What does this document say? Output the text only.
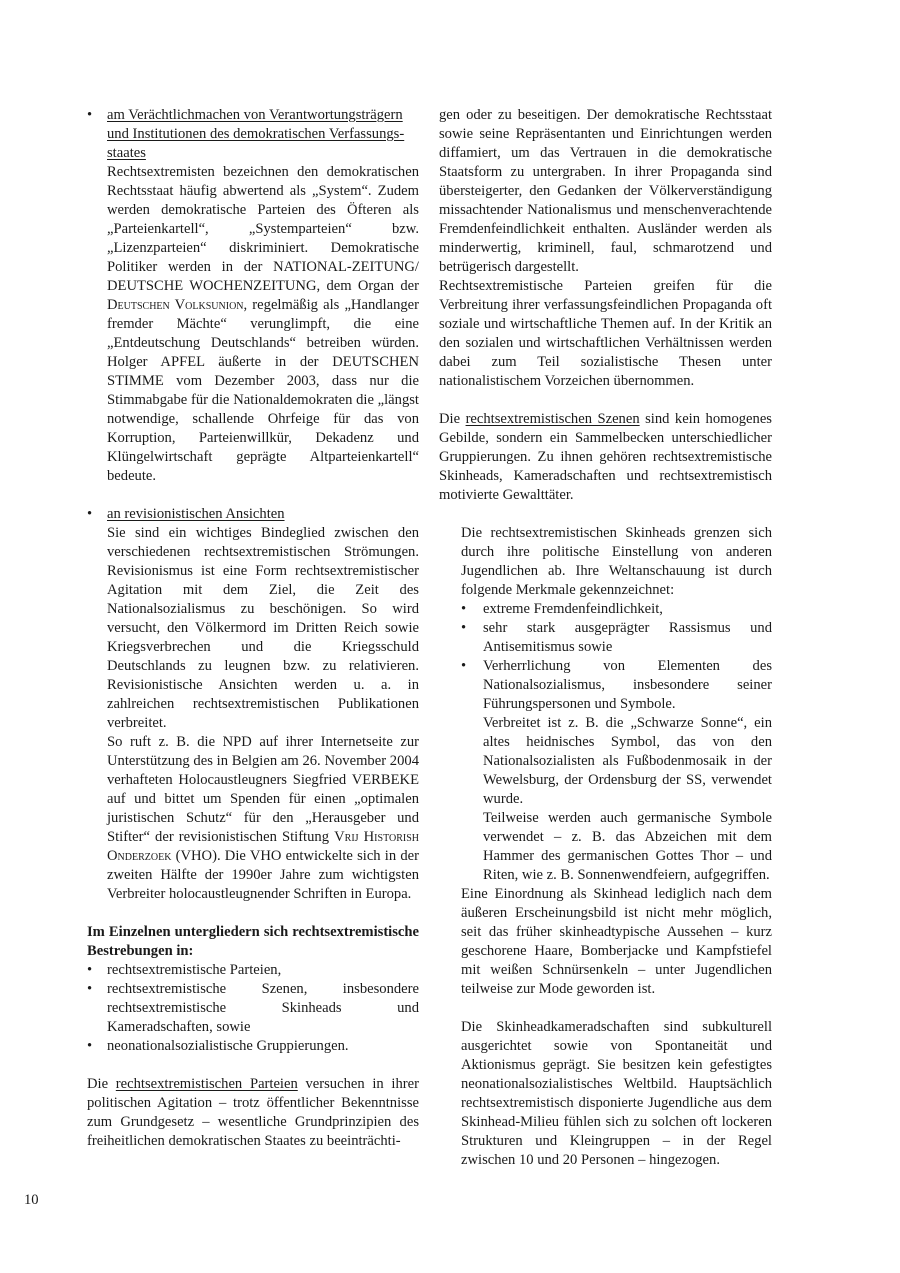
• am Verächtlichmachen von Verantwortungsträgern
und Institutionen des demokratischen Verfassungs-
staates

Rechtsextremisten bezeichnen den demokratischen Rechtsstaat häufig abwertend als „System“. Zudem werden demokratische Parteien des Öfteren als „Parteienkartell“, „Systemparteien“ bzw. „Lizenzparteien“ diskriminiert. Demokratische Politiker werden in der NATIONAL-ZEITUNG/ DEUTSCHE WOCHENZEITUNG, dem Organ der Deutschen Volksunion, regelmäßig als „Handlanger fremder Mächte“ verunglimpft, die eine „Entdeutschung Deutschlands“ betreiben würden. Holger APFEL äußerte in der DEUTSCHEN STIMME vom Dezember 2003, dass nur die Stimmabgabe für die Nationaldemokraten die „längst notwendige, schallende Ohrfeige für das von Korruption, Parteienwillkür, Dekadenz und Klüngelwirtschaft geprägte Altparteienkartell“ bedeute.

• an revisionistischen Ansichten

Sie sind ein wichtiges Bindeglied zwischen den verschiedenen rechtsextremistischen Strömungen. Revisionismus ist eine Form rechtsextremistischer Agitation mit dem Ziel, die Zeit des Nationalsozialismus zu beschönigen. So wird versucht, den Völkermord im Dritten Reich sowie Kriegsverbrechen und die Kriegsschuld Deutschlands zu leugnen bzw. zu relativieren. Revisionistische Ansichten werden u. a. in zahlreichen rechtsextremistischen Publikationen verbreitet.

So ruft z. B. die NPD auf ihrer Internetseite zur Unterstützung des in Belgien am 26. November 2004 verhafteten Holocaustleugners Siegfried VERBEKE auf und bittet um Spenden für einen „optimalen juristischen Schutz“ für den „Herausgeber und Stifter“ der revisionistischen Stiftung Vrij Historish Onderzoek (VHO). Die VHO entwickelte sich in der zweiten Hälfte der 1990er Jahre zum wichtigsten Verbreiter holocaustleugnender Schriften in Europa.

Im Einzelnen untergliedern sich rechtsextremistische Bestrebungen in:

• rechtsextremistische Parteien,

• rechtsextremistische Szenen, insbesondere rechtsextremistische Skinheads und Kameradschaften, sowie

• neonationalsozialistische Gruppierungen.

Die rechtsextremistischen Parteien versuchen in ihrer politischen Agitation – trotz öffentlicher Bekenntnisse zum Grundgesetz – wesentliche Grundprinzipien des freiheitlichen demokratischen Staates zu beeinträchti-

gen oder zu beseitigen. Der demokratische Rechtsstaat sowie seine Repräsentanten und Einrichtungen werden diffamiert, um das Vertrauen in die demokratische Staatsform zu untergraben. In ihrer Propaganda sind übersteigerter, den Gedanken der Völkerverständigung missachtender Nationalismus und menschenverachtende Fremdenfeindlichkeit enthalten. Ausländer werden als minderwertig, kriminell, faul, schmarotzend und betrügerisch dargestellt.

Rechtsextremistische Parteien greifen für die Verbreitung ihrer verfassungsfeindlichen Propaganda oft soziale und wirtschaftliche Themen auf. In der Kritik an den sozialen und wirtschaftlichen Verhältnissen werden dabei zum Teil sozialistische Thesen unter nationalistischem Vorzeichen übernommen.

Die rechtsextremistischen Szenen sind kein homogenes Gebilde, sondern ein Sammelbecken unterschiedlicher Gruppierungen. Zu ihnen gehören rechtsextremistische Skinheads, Kameradschaften und rechtsextremistisch motivierte Gewalttäter.

Die rechtsextremistischen Skinheads grenzen sich durch ihre politische Einstellung von anderen Jugendlichen ab. Ihre Weltanschauung ist durch folgende Merkmale gekennzeichnet:

• extreme Fremdenfeindlichkeit,

• sehr stark ausgeprägter Rassismus und Antisemitismus sowie

• Verherrlichung von Elementen des Nationalsozialismus, insbesondere seiner Führungspersonen und Symbole.

Verbreitet ist z. B. die „Schwarze Sonne“, ein altes heidnisches Symbol, das von den Nationalsozialisten als Fußbodenmosaik in der Wewelsburg, der Ordensburg der SS, verwendet wurde.

Teilweise werden auch germanische Symbole verwendet – z. B. das Abzeichen mit dem Hammer des germanischen Gottes Thor – und Riten, wie z. B. Sonnenwendfeiern, aufgegriffen.

Eine Einordnung als Skinhead lediglich nach dem äußeren Erscheinungsbild ist nicht mehr möglich, seit das früher skinheadtypische Aussehen – kurz geschorene Haare, Bomberjacke und Kampfstiefel mit weißen Schnürsenkeln – unter Jugendlichen teilweise zur Mode geworden ist.

Die Skinheadkameradschaften sind subkulturell ausgerichtet sowie von Spontaneität und Aktionismus geprägt. Sie besitzen kein gefestigtes neonationalsozialistisches Weltbild. Hauptsächlich rechtsextremistisch disponierte Jugendliche aus dem Skinhead-Milieu fühlen sich zu solchen oft lockeren Strukturen und Kleingruppen – in der Regel zwischen 10 und 20 Personen – hingezogen.

10
